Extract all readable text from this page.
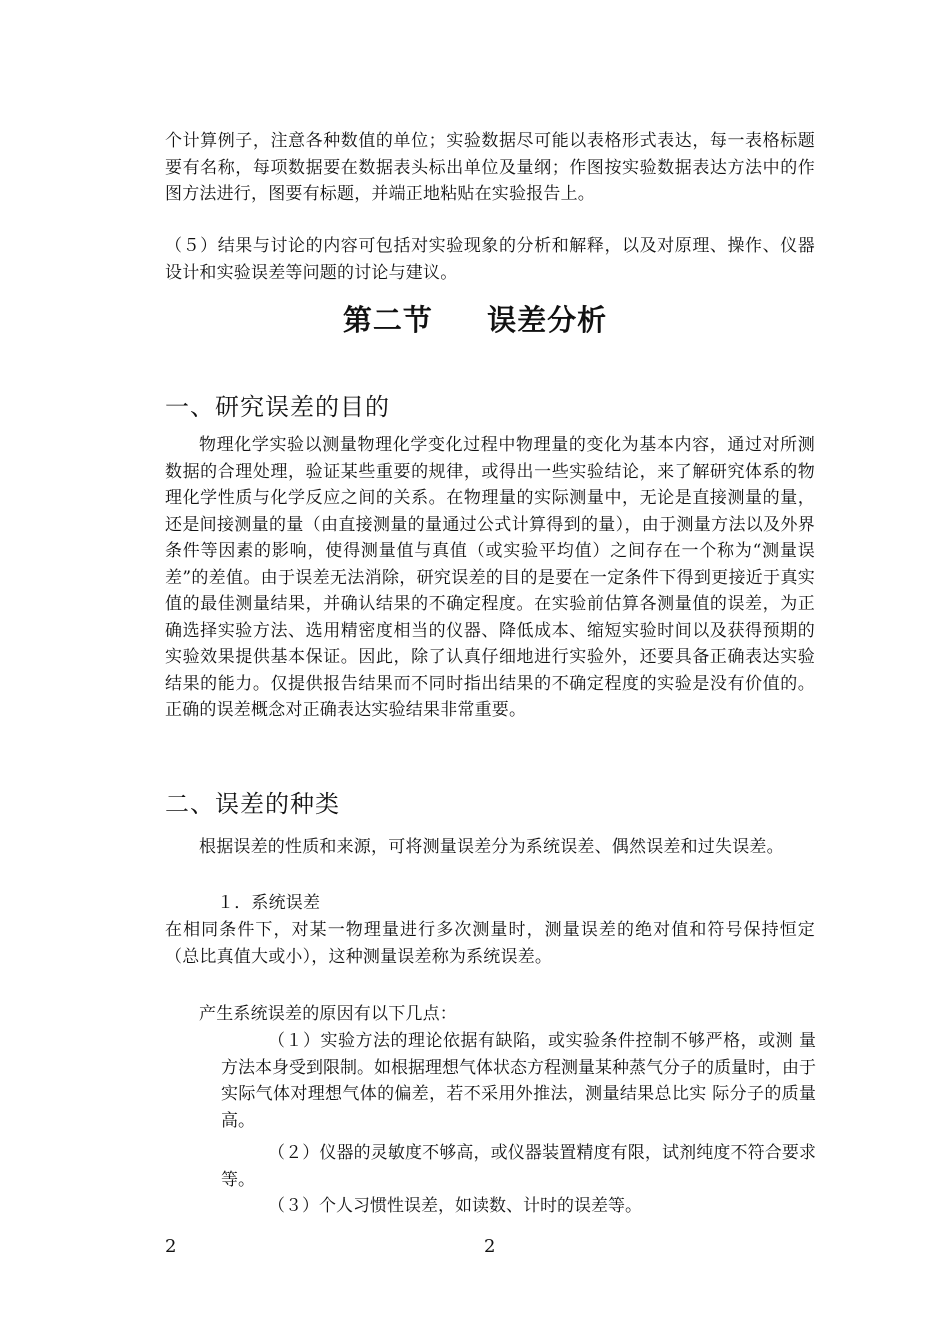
个计算例子，注意各种数值的单位；实验数据尽可能以表格形式表达，每一表格标题要有名称，每项数据要在数据表头标出单位及量纲；作图按实验数据表达方法中的作图方法进行，图要有标题，并端正地粘贴在实验报告上。
（５）结果与讨论的内容可包括对实验现象的分析和解释，以及对原理、操作、仪器设计和实验误差等问题的讨论与建议。
第二节 误差分析
一、研究误差的目的
物理化学实验以测量物理化学变化过程中物理量的变化为基本内容，通过对所测数据的合理处理，验证某些重要的规律，或得出一些实验结论，来了解研究体系的物理化学性质与化学反应之间的关系。在物理量的实际测量中，无论是直接测量的量，还是间接测量的量（由直接测量的量通过公式计算得到的量），由于测量方法以及外界条件等因素的影响，使得测量值与真值（或实验平均值）之间存在一个称为“测量误差”的差值。由于误差无法消除，研究误差的目的是要在一定条件下得到更接近于真实值的最佳测量结果，并确认结果的不确定程度。在实验前估算各测量值的误差，为正确选择实验方法、选用精密度相当的仪器、降低成本、缩短实验时间以及获得预期的实验效果提供基本保证。因此，除了认真仔细地进行实验外，还要具备正确表达实验结果的能力。仅提供报告结果而不同时指出结果的不确定程度的实验是没有价值的。正确的误差概念对正确表达实验结果非常重要。
二、误差的种类
根据误差的性质和来源，可将测量误差分为系统误差、偶然误差和过失误差。
１．系统误差
在相同条件下，对某一物理量进行多次测量时，测量误差的绝对值和符号保持恒定（总比真值大或小），这种测量误差称为系统误差。
产生系统误差的原因有以下几点：
（１）实验方法的理论依据有缺陷，或实验条件控制不够严格，或测 量方法本身受到限制。如根据理想气体状态方程测量某种蒸气分子的质量时，由于实际气体对理想气体的偏差，若不采用外推法，测量结果总比实 际分子的质量高。
（２）仪器的灵敏度不够高，或仪器装置精度有限，试剂纯度不符合要求等。
（３）个人习惯性误差，如读数、计时的误差等。
2	2
